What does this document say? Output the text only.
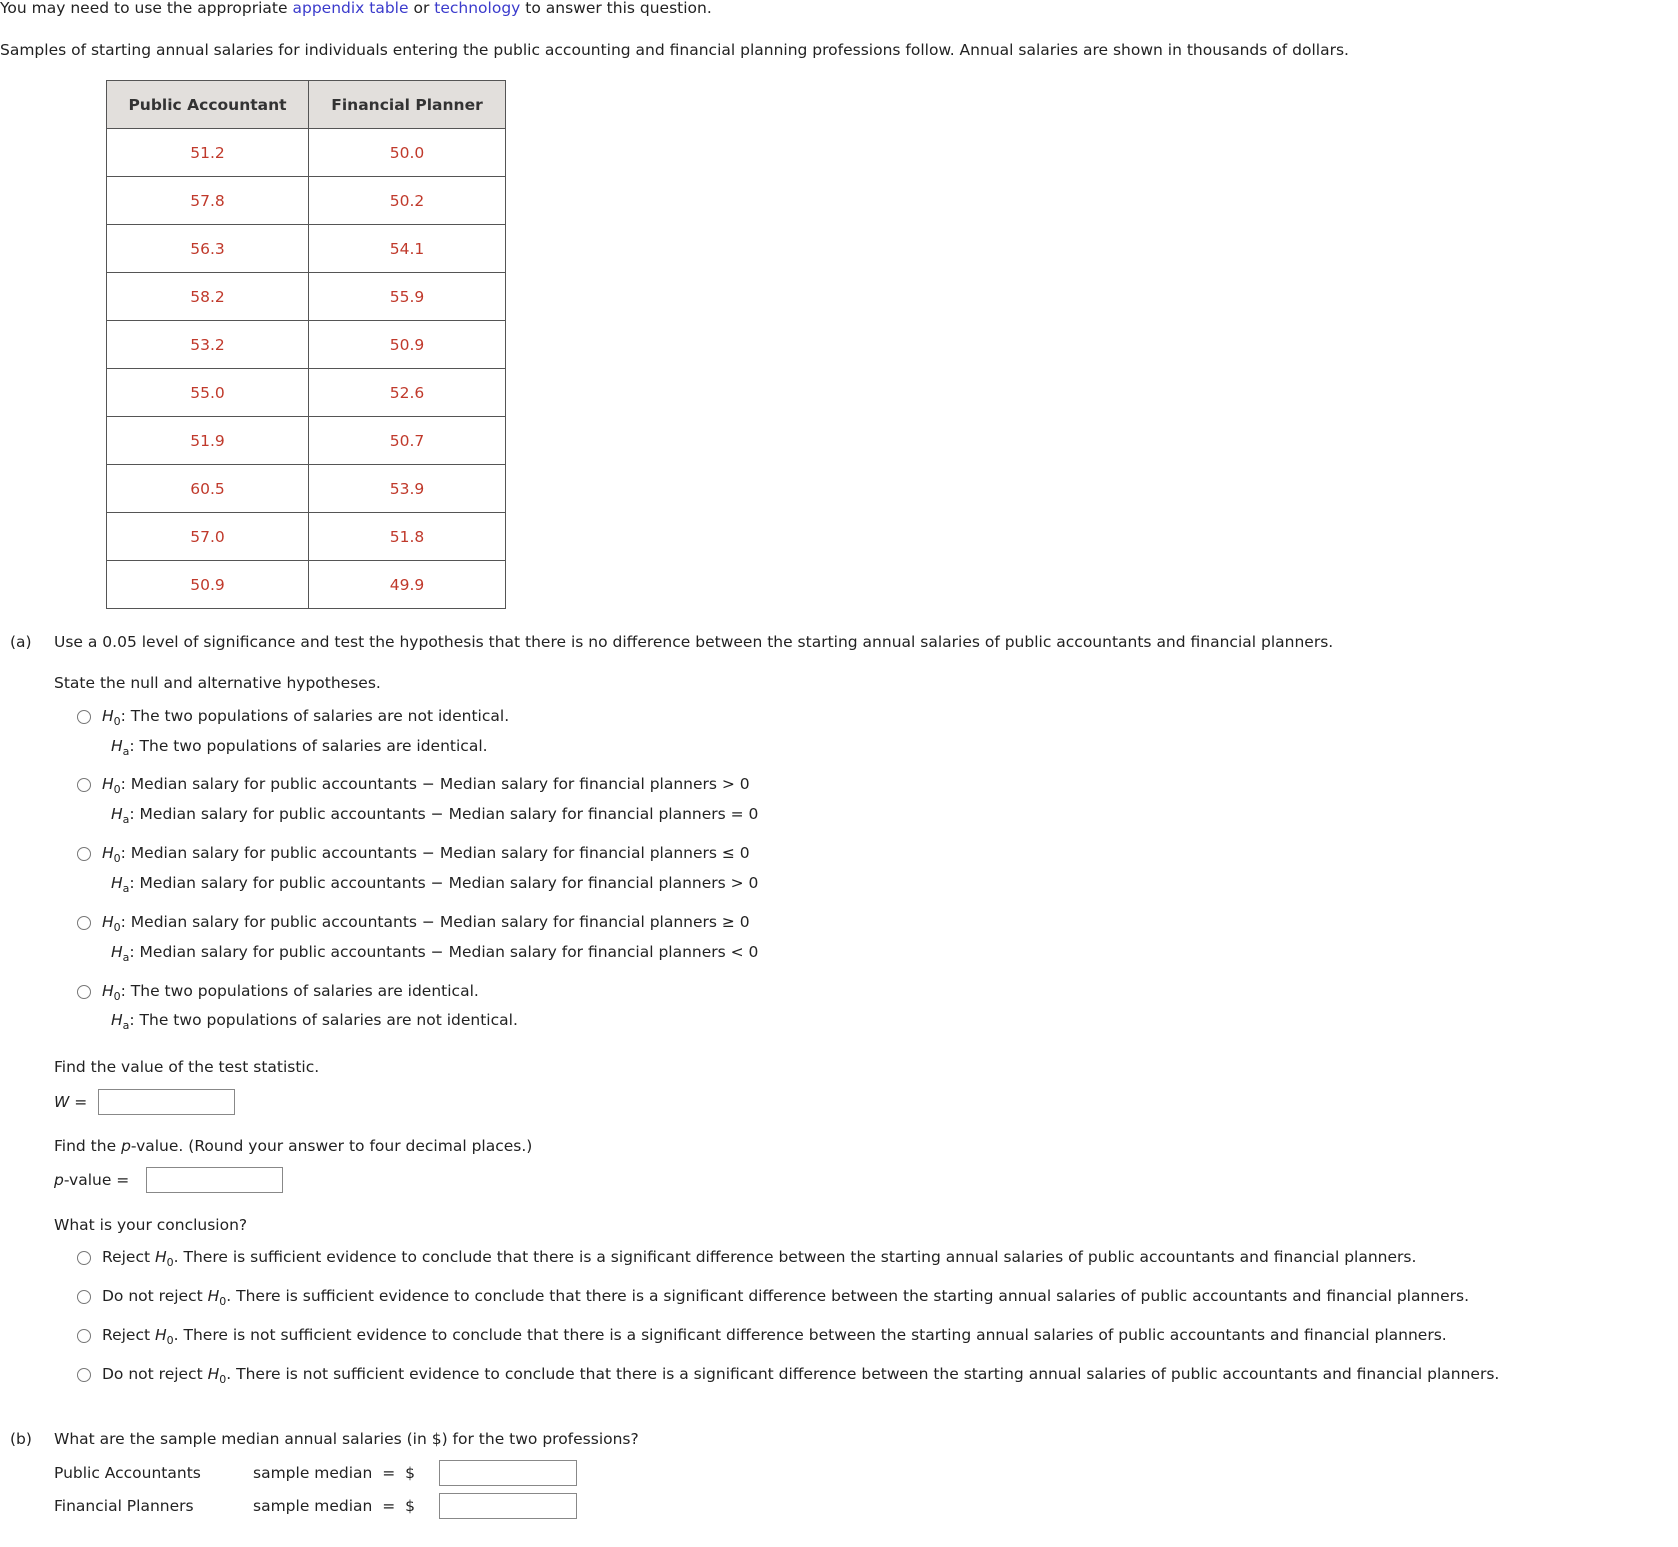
You may need to use the appropriate appendix table or technology to answer this question.
Samples of starting annual salaries for individuals entering the public accounting and financial planning professions follow. Annual salaries are shown in thousands of dollars.
Public Accountant	Financial Planner
51.2	50.0
57.8	50.2
56.3	54.1
58.2	55.9
53.2	50.9
55.0	52.6
51.9	50.7
60.5	53.9
57.0	51.8
50.9	49.9
(a) Use a 0.05 level of significance and test the hypothesis that there is no difference between the starting annual salaries of public accountants and financial planners.
State the null and alternative hypotheses.
$H_0$: The two populations of salaries are not identical.
$H_a$: The two populations of salaries are identical.
$H_0$: Median salary for public accountants − Median salary for financial planners > 0
$H_a$: Median salary for public accountants − Median salary for financial planners = 0
$H_0$: Median salary for public accountants − Median salary for financial planners ≤ 0
$H_a$: Median salary for public accountants − Median salary for financial planners > 0
$H_0$: Median salary for public accountants − Median salary for financial planners ≥ 0
$H_a$: Median salary for public accountants − Median salary for financial planners < 0
$H_0$: The two populations of salaries are identical.
$H_a$: The two populations of salaries are not identical.
Find the value of the test statistic.
W =
Find the p-value. (Round your answer to four decimal places.)
p-value =
What is your conclusion?
Reject $H_0$. There is sufficient evidence to conclude that there is a significant difference between the starting annual salaries of public accountants and financial planners.
Do not reject $H_0$. There is sufficient evidence to conclude that there is a significant difference between the starting annual salaries of public accountants and financial planners.
Reject $H_0$. There is not sufficient evidence to conclude that there is a significant difference between the starting annual salaries of public accountants and financial planners.
Do not reject $H_0$. There is not sufficient evidence to conclude that there is a significant difference between the starting annual salaries of public accountants and financial planners.
(b) What are the sample median annual salaries (in $) for the two professions?
Public Accountants	sample median = $
Financial Planners	sample median = $
